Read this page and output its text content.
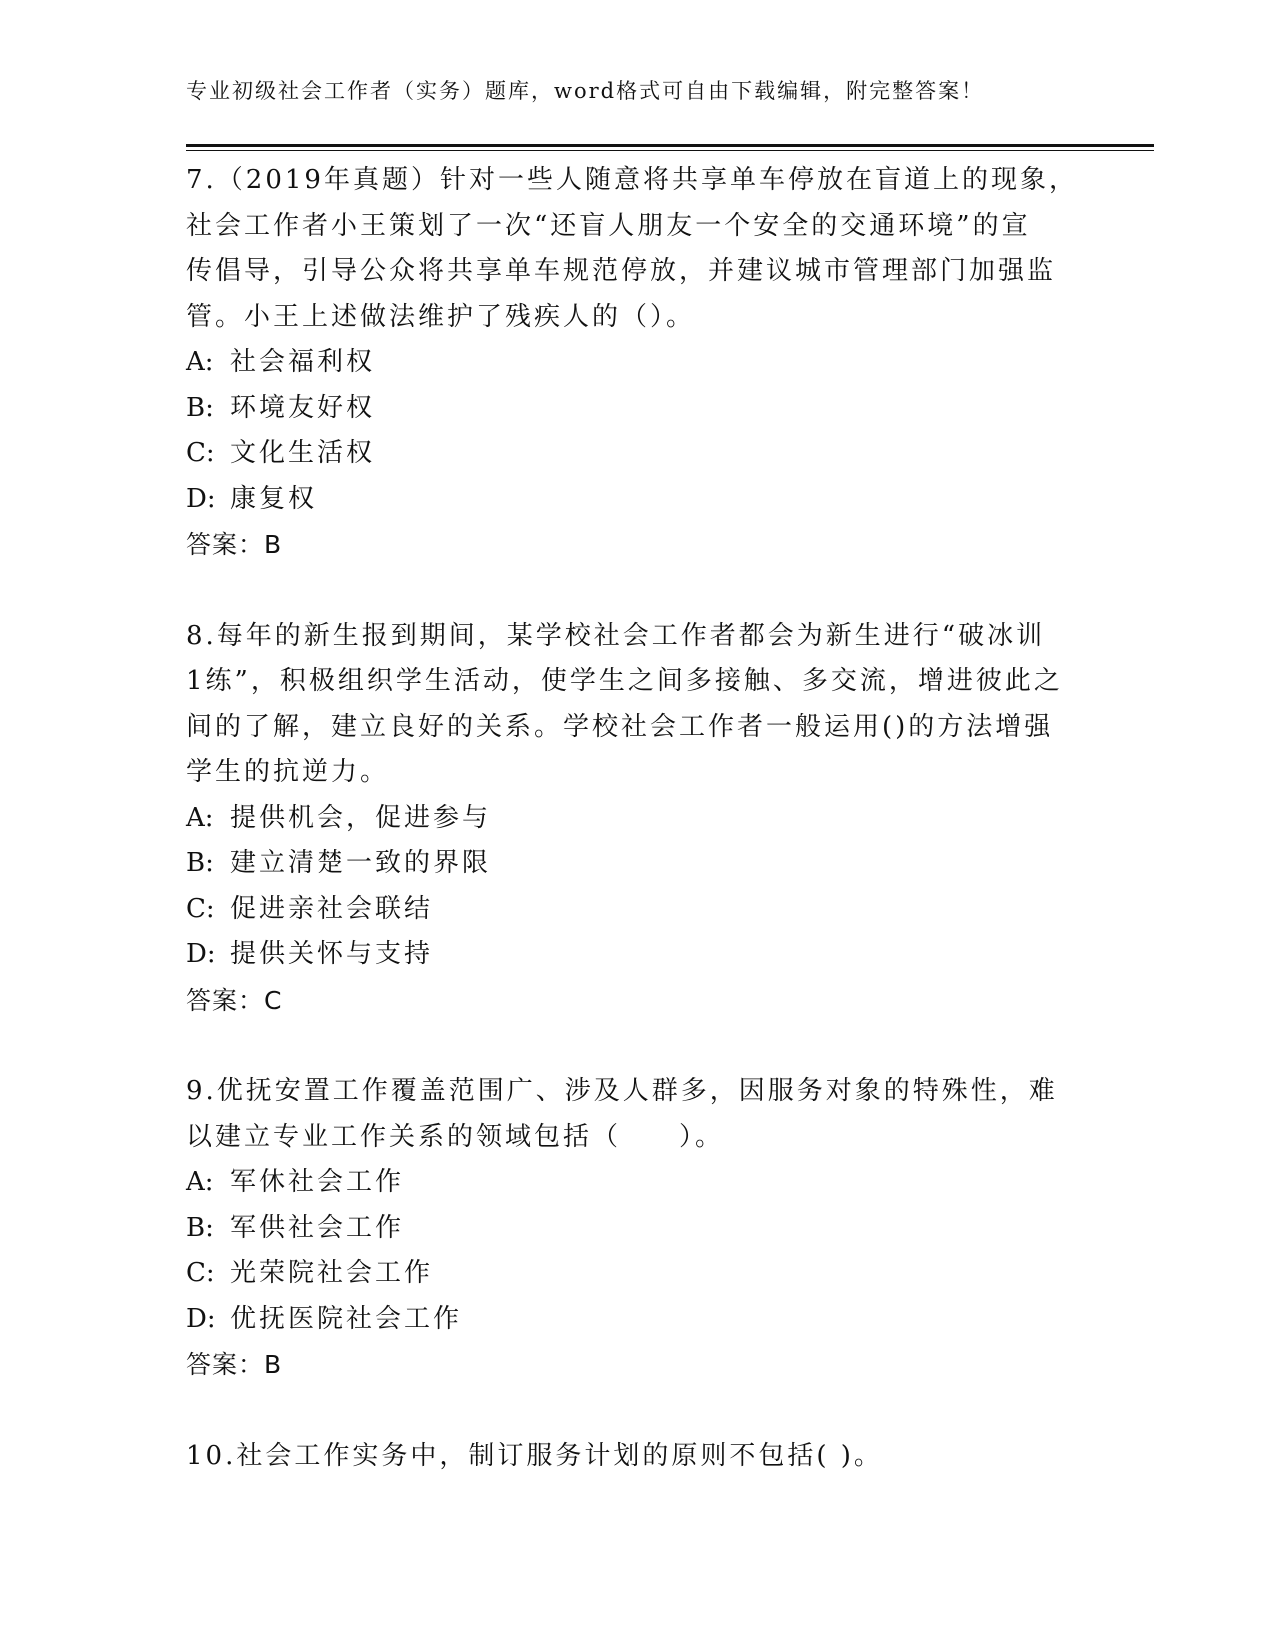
专业初级社会工作者（实务）题库，word格式可自由下载编辑，附完整答案！
7.（2019年真题）针对一些人随意将共享单车停放在盲道上的现象，
社会工作者小王策划了一次“还盲人朋友一个安全的交通环境”的宣
传倡导，引导公众将共享单车规范停放，并建议城市管理部门加强监
管。小王上述做法维护了残疾人的（）。
A: 社会福利权
B: 环境友好权
C: 文化生活权
D: 康复权
答案：B
8.每年的新生报到期间，某学校社会工作者都会为新生进行“破冰训
1练”，积极组织学生活动，使学生之间多接触、多交流，增进彼此之
间的了解，建立良好的关系。学校社会工作者一般运用()的方法增强
学生的抗逆力。
A: 提供机会，促进参与
B: 建立清楚一致的界限
C: 促进亲社会联结
D: 提供关怀与支持
答案：C
9.优抚安置工作覆盖范围广、涉及人群多，因服务对象的特殊性，难
以建立专业工作关系的领域包括（　　）。
A: 军休社会工作
B: 军供社会工作
C: 光荣院社会工作
D: 优抚医院社会工作
答案：B
10.社会工作实务中，制订服务计划的原则不包括( )。
